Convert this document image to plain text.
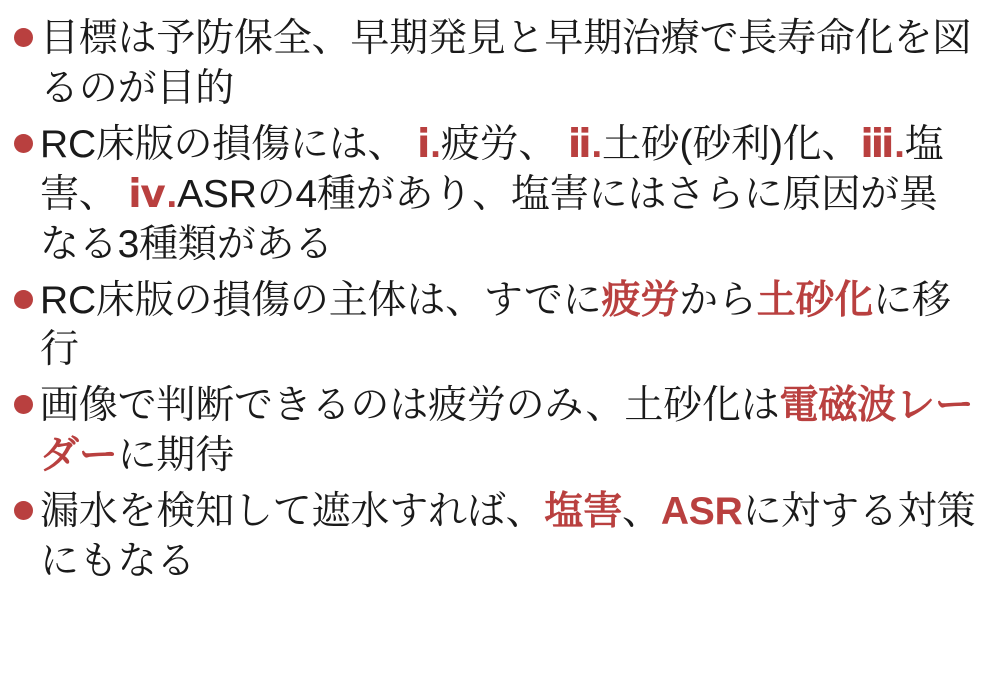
目標は予防保全、早期発見と早期治療で長寿命化を図るのが目的
RC床版の損傷には、 ⅰ.疲労、 ⅱ.土砂(砂利)化、ⅲ.塩害、 ⅳ.ASRの4種があり、塩害にはさらに原因が異なる3種類がある
RC床版の損傷の主体は、すでに疲労から土砂化に移行
画像で判断できるのは疲労のみ、土砂化は電磁波レーダーに期待
漏水を検知して遮水すれば、塩害、ASRに対する対策にもなる
